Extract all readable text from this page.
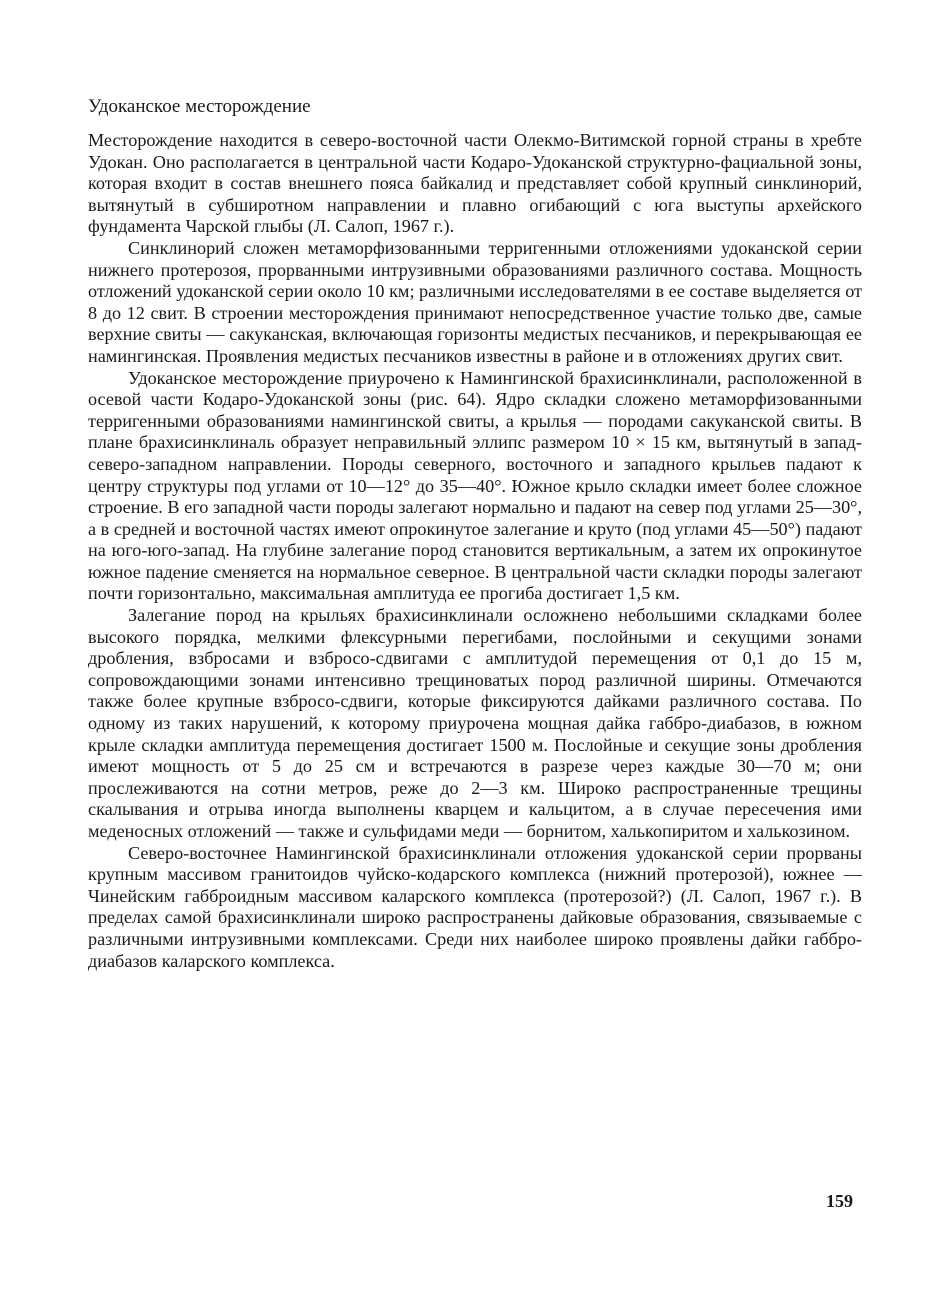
Удоканское месторождение

Месторождение находится в северо-восточной части Олекмо-Витимской горной страны в хребте Удокан. Оно располагается в центральной части Кодаро-Удоканской структурно-фациальной зоны, которая входит в состав внешнего пояса байкалид и представляет собой крупный синклинорий, вытянутый в субширотном направлении и плавно огибающий с юга выступы архейского фундамента Чарской глыбы (Л. Салоп, 1967 г.).

Синклинорий сложен метаморфизованными терригенными отложениями удоканской серии нижнего протерозоя, прорванными интрузивными образованиями различного состава. Мощность отложений удоканской серии около 10 км; различными исследователями в ее составе выделяется от 8 до 12 свит. В строении месторождения принимают непосредственное участие только две, самые верхние свиты — сакуканская, включающая горизонты медистых песчаников, и перекрывающая ее намингинская. Проявления медистых песчаников известны в районе и в отложениях других свит.

Удоканское месторождение приурочено к Намингинской брахисинклинали, расположенной в осевой части Кодаро-Удоканской зоны (рис. 64). Ядро складки сложено метаморфизованными терригенными образованиями намингинской свиты, а крылья — породами сакуканской свиты. В плане брахисинклиналь образует неправильный эллипс размером 10 × 15 км, вытянутый в запад-северо-западном направлении. Породы северного, восточного и западного крыльев падают к центру структуры под углами от 10—12° до 35—40°. Южное крыло складки имеет более сложное строение. В его западной части породы залегают нормально и падают на север под углами 25—30°, а в средней и восточной частях имеют опрокинутое залегание и круто (под углами 45—50°) падают на юго-юго-запад. На глубине залегание пород становится вертикальным, а затем их опрокинутое южное падение сменяется на нормальное северное. В центральной части складки породы залегают почти горизонтально, максимальная амплитуда ее прогиба достигает 1,5 км.

Залегание пород на крыльях брахисинклинали осложнено небольшими складками более высокого порядка, мелкими флексурными перегибами, послойными и секущими зонами дробления, взбросами и взбросо-сдвигами с амплитудой перемещения от 0,1 до 15 м, сопровождающими зонами интенсивно трещиноватых пород различной ширины. Отмечаются также более крупные взбросо-сдвиги, которые фиксируются дайками различного состава. По одному из таких нарушений, к которому приурочена мощная дайка габбро-диабазов, в южном крыле складки амплитуда перемещения достигает 1500 м. Послойные и секущие зоны дробления имеют мощность от 5 до 25 см и встречаются в разрезе через каждые 30—70 м; они прослеживаются на сотни метров, реже до 2—3 км. Широко распространенные трещины скалывания и отрыва иногда выполнены кварцем и кальцитом, а в случае пересечения ими меденосных отложений — также и сульфидами меди — борнитом, халькопиритом и халькозином.

Северо-восточнее Намингинской брахисинклинали отложения удоканской серии прорваны крупным массивом гранитоидов чуйско-кодарского комплекса (нижний протерозой), южнее — Чинейским габброидным массивом каларского комплекса (протерозой?) (Л. Салоп, 1967 г.). В пределах самой брахисинклинали широко распространены дайковые образования, связываемые с различными интрузивными комплексами. Среди них наиболее широко проявлены дайки габбро-диабазов каларского комплекса.

159
